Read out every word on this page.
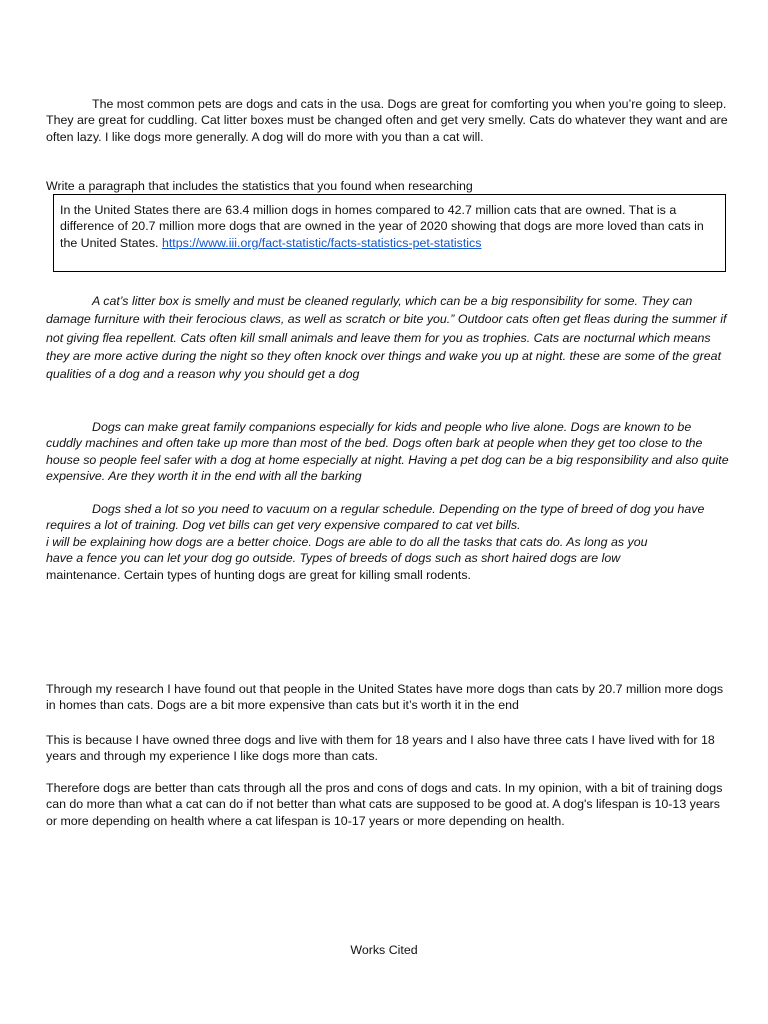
The most common pets are dogs and cats in the usa. Dogs are great for comforting you when you’re going to sleep. They are great for cuddling. Cat litter boxes must be changed often and get very smelly. Cats do whatever they want and are often lazy. I like dogs more generally. A dog will do more with you than a cat will.

Write a paragraph that includes the statistics that you found when researching

In the United States there are 63.4 million dogs in homes compared to 42.7 million cats that are owned. That is a difference of 20.7 million more dogs that are owned in the year of 2020 showing that dogs are more loved than cats in the United States. https://www.iii.org/fact-statistic/facts-statistics-pet-statistics

A cat’s litter box is smelly and must be cleaned regularly, which can be a big responsibility for some. They can damage furniture with their ferocious claws, as well as scratch or bite you.” Outdoor cats often get fleas during the summer if not giving flea repellent. Cats often kill small animals and leave them for you as trophies. Cats are nocturnal which means they are more active during the night so they often knock over things and wake you up at night. these are some of the great qualities of a dog and a reason why you should get a dog

Dogs can make great family companions especially for kids and people who live alone. Dogs are known to be cuddly machines and often take up more than most of the bed. Dogs often bark at people when they get too close to the house so people feel safer with a dog at home especially at night. Having a pet dog can be a big responsibility and also quite expensive. Are they worth it in the end with all the barking

Dogs shed a lot so you need to vacuum on a regular schedule. Depending on the type of breed of dog you have requires a lot of training. Dog vet bills can get very expensive compared to cat vet bills.

i will be explaining how dogs are a better choice. Dogs are able to do all the tasks that cats do. As long as you
have a fence you can let your dog go outside. Types of breeds of dogs such as short haired dogs are low
maintenance. Certain types of hunting dogs are great for killing small rodents.

Through my research I have found out that people in the United States have more dogs than cats by 20.7 million more dogs in homes than cats. Dogs are a bit more expensive than cats but it’s worth it in the end

This is because I have owned three dogs and live with them for 18 years and I also have three cats I have lived with for 18 years and through my experience I like dogs more than cats.

Therefore dogs are better than cats through all the pros and cons of dogs and cats. In my opinion, with a bit of training dogs can do more than what a cat can do if not better than what cats are supposed to be good at. A dog's lifespan is 10-13 years or more depending on health where a cat lifespan is 10-17 years or more depending on health.

Works Cited
